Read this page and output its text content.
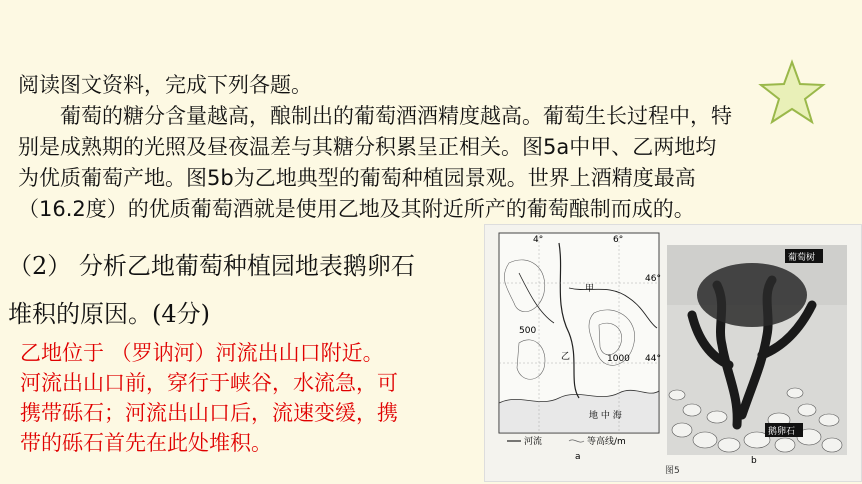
阅读图文资料，完成下列各题。

葡萄的糖分含量越高，酿制出的葡萄酒酒精度越高。葡萄生长过程中，特

别是成熟期的光照及昼夜温差与其糖分积累呈正相关。图5a中甲、乙两地均

为优质葡萄产地。图5b为乙地典型的葡萄种植园景观。世界上酒精度最高

（16.2度）的优质葡萄酒就是使用乙地及其附近所产的葡萄酿制而成的。

（2） 分析乙地葡萄种植园地表鹅卵石
堆积的原因。(4分)

乙地位于 （罗讷河）河流出山口附近。

河流出山口前，穿行于峡谷，水流急，可

携带砾石；河流出山口后，流速变缓，携

带的砾石首先在此处堆积。

甲
乙
地 中 海
1000
500
46°
44°
4°	6°
河流	等高线/m
a
葡萄树
鹅卵石
b
图5
